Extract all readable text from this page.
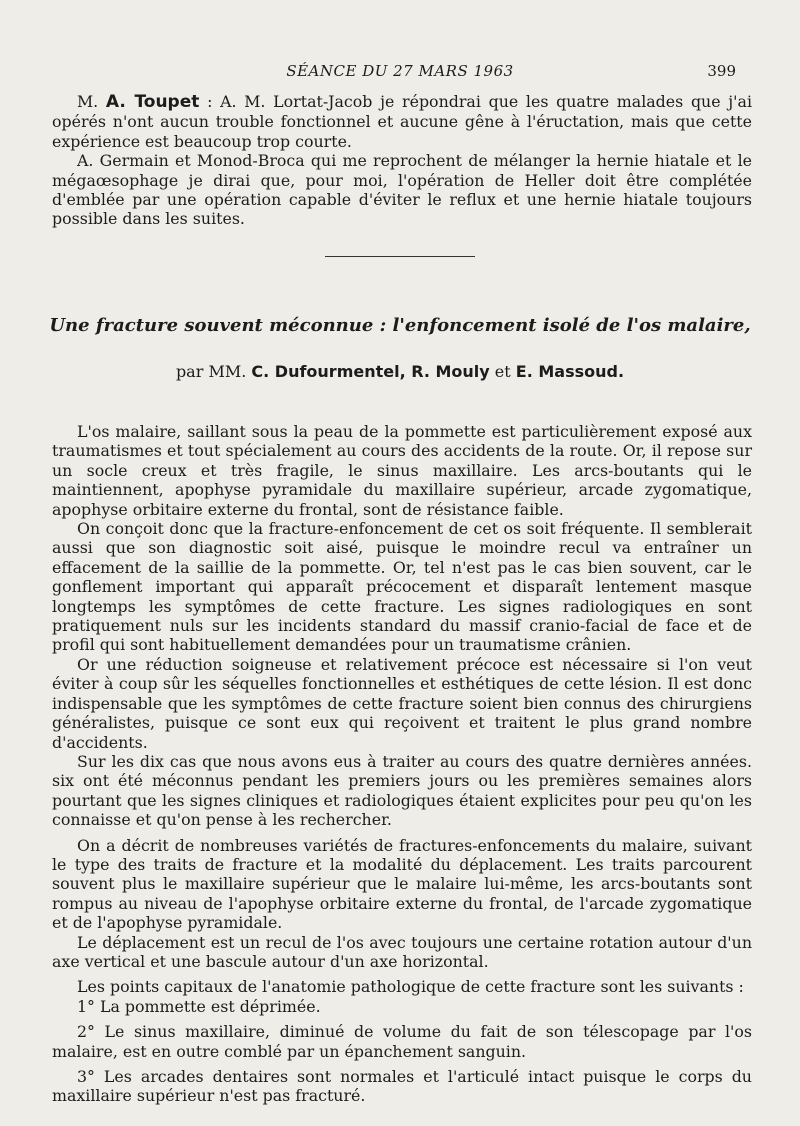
SÉANCE DU 27 MARS 1963	399

M. A. Toupet : A. M. Lortat-Jacob je répondrai que les quatre malades que j'ai opérés n'ont aucun trouble fonctionnel et aucune gêne à l'éructation, mais que cette expérience est beaucoup trop courte.

A. Germain et Monod-Broca qui me reprochent de mélanger la hernie hiatale et le mégaœsophage je dirai que, pour moi, l'opération de Heller doit être complétée d'emblée par une opération capable d'éviter le reflux et une hernie hiatale toujours possible dans les suites.

Une fracture souvent méconnue : l'enfoncement isolé de l'os malaire,
par MM. C. Dufourmentel, R. Mouly et E. Massoud.

L'os malaire, saillant sous la peau de la pommette est particulièrement exposé aux traumatismes et tout spécialement au cours des accidents de la route. Or, il repose sur un socle creux et très fragile, le sinus maxillaire. Les arcs-boutants qui le maintiennent, apophyse pyramidale du maxillaire supérieur, arcade zygomatique, apophyse orbitaire externe du frontal, sont de résistance faible.

On conçoit donc que la fracture-enfoncement de cet os soit fréquente. Il semblerait aussi que son diagnostic soit aisé, puisque le moindre recul va entraîner un effacement de la saillie de la pommette. Or, tel n'est pas le cas bien souvent, car le gonflement important qui apparaît précocement et disparaît lentement masque longtemps les symptômes de cette fracture. Les signes radiologiques en sont pratiquement nuls sur les incidents standard du massif cranio-facial de face et de profil qui sont habituellement demandées pour un traumatisme crânien.

Or une réduction soigneuse et relativement précoce est nécessaire si l'on veut éviter à coup sûr les séquelles fonctionnelles et esthétiques de cette lésion. Il est donc indispensable que les symptômes de cette fracture soient bien connus des chirurgiens généralistes, puisque ce sont eux qui reçoivent et traitent le plus grand nombre d'accidents.

Sur les dix cas que nous avons eus à traiter au cours des quatre dernières années. six ont été méconnus pendant les premiers jours ou les premières semaines alors pourtant que les signes cliniques et radiologiques étaient explicites pour peu qu'on les connaisse et qu'on pense à les rechercher.

On a décrit de nombreuses variétés de fractures-enfoncements du malaire, suivant le type des traits de fracture et la modalité du déplacement. Les traits parcourent souvent plus le maxillaire supérieur que le malaire lui-même, les arcs-boutants sont rompus au niveau de l'apophyse orbitaire externe du frontal, de l'arcade zygomatique et de l'apophyse pyramidale.

Le déplacement est un recul de l'os avec toujours une certaine rotation autour d'un axe vertical et une bascule autour d'un axe horizontal.

Les points capitaux de l'anatomie pathologique de cette fracture sont les suivants :

1° La pommette est déprimée.

2° Le sinus maxillaire, diminué de volume du fait de son télescopage par l'os malaire, est en outre comblé par un épanchement sanguin.

3° Les arcades dentaires sont normales et l'articulé intact puisque le corps du maxillaire supérieur n'est pas fracturé.
